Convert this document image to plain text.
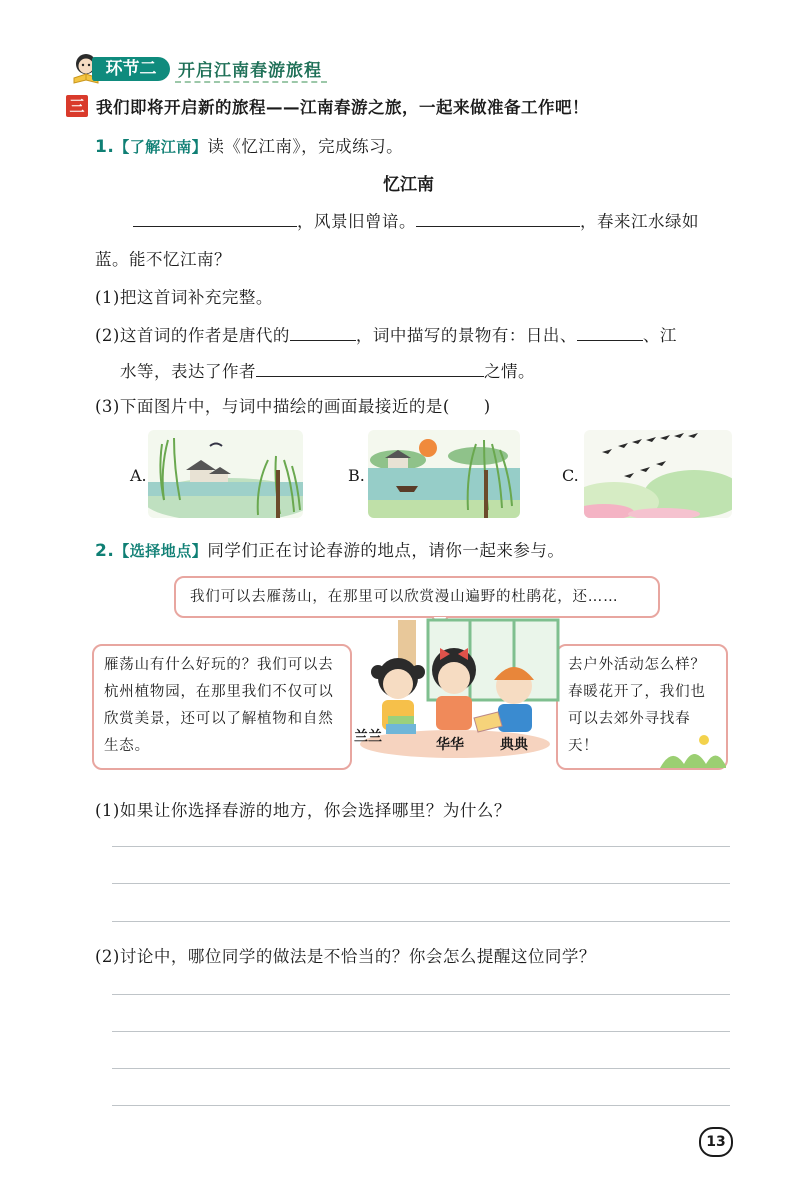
环节二	开启江南春游旅程
三 我们即将开启新的旅程——江南春游之旅，一起来做准备工作吧！
1.【了解江南】读《忆江南》，完成练习。
忆江南
，风景旧曾谙。	，春来江水绿如
蓝。能不忆江南？
(1)把这首词补充完整。
(2)这首词的作者是唐代的	，词中描写的景物有：日出、	、江
水等，表达了作者	之情。
(3)下面图片中，与词中描绘的画面最接近的是(　　)
A.	B.	C.
2.【选择地点】同学们正在讨论春游的地点，请你一起来参与。
我们可以去雁荡山，在那里可以欣赏漫山遍野的杜鹃花，还……
雁荡山有什么好玩的？我们可以去杭州植物园，在那里我们不仅可以欣赏美景，还可以了解植物和自然生态。
去户外活动怎么样？春暖花开了，我们也可以去郊外寻找春天！
兰兰	华华	典典
(1)如果让你选择春游的地方，你会选择哪里？为什么？
(2)讨论中，哪位同学的做法是不恰当的？你会怎么提醒这位同学？
13
